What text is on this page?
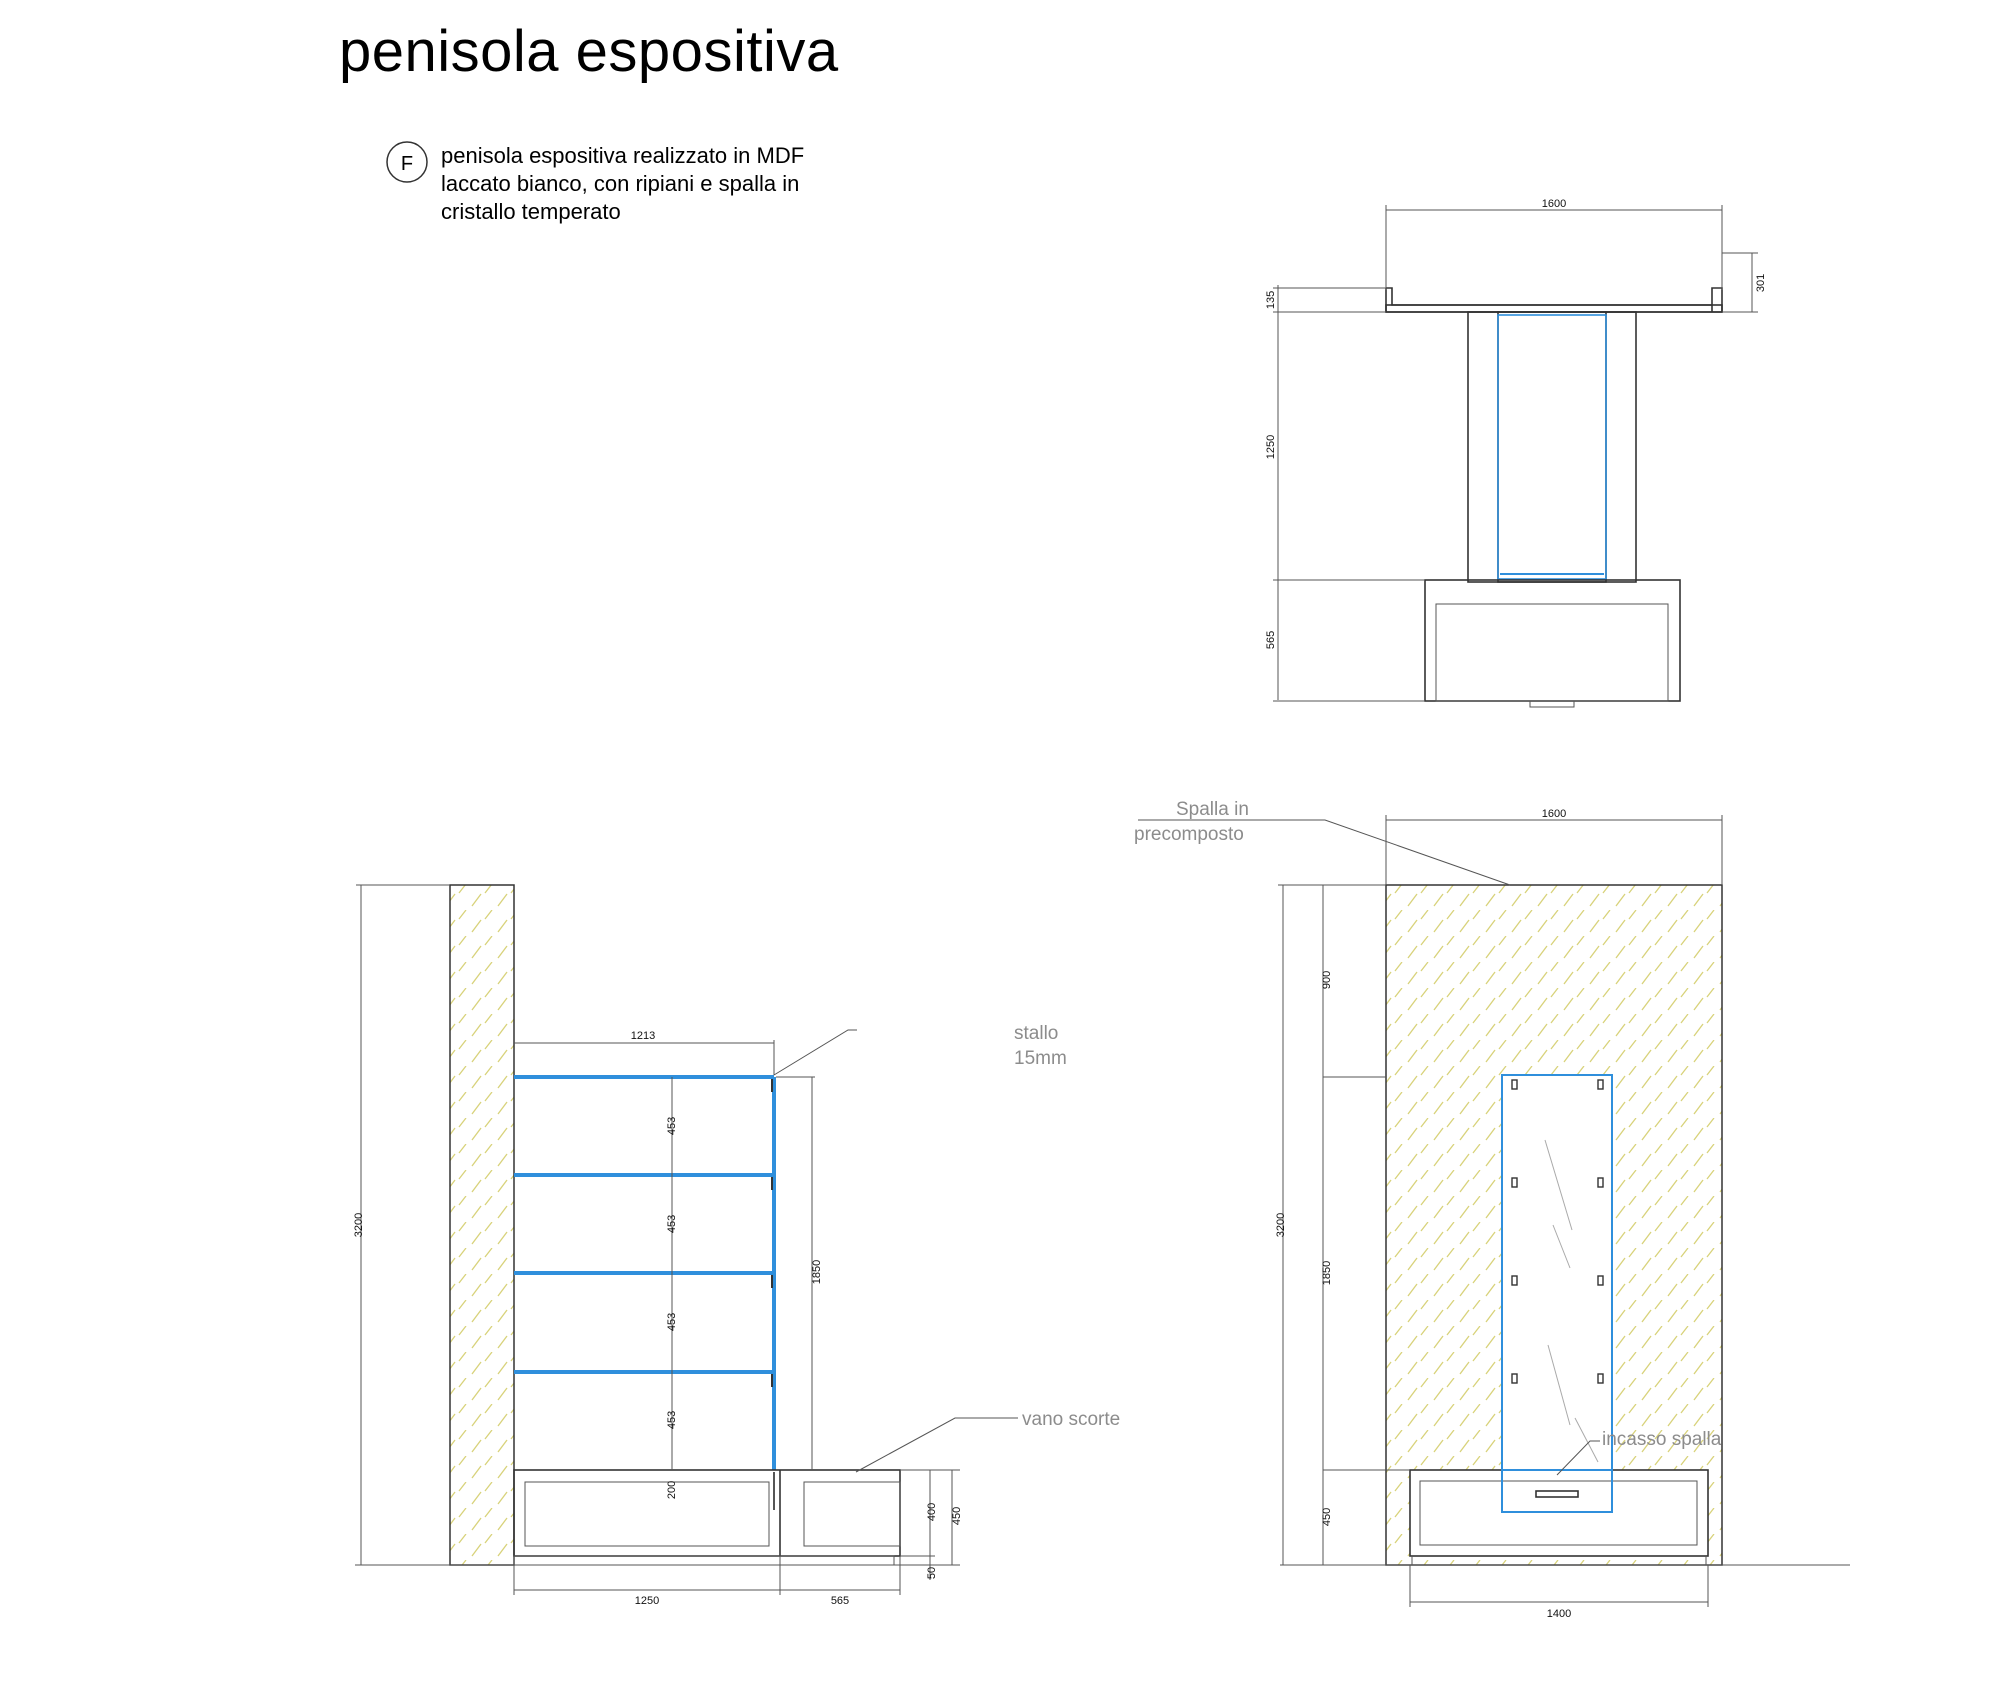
penisola espositiva
penisola espositiva realizzato in MDF
laccato bianco, con ripiani e spalla in
cristallo temperato
F
1600
301
135
1250
565
3200
1213
453
453
453
453
200
1850
400 450
50
1250	565
stallo
15mm
vano scorte
1600
3200
900
1850
450
1400
Spalla in
precomposto
incasso spalla
